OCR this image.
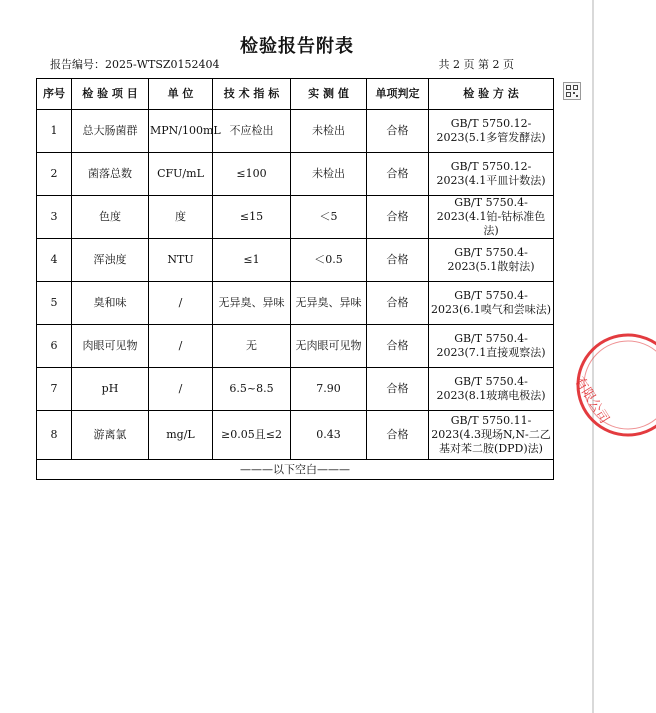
检验报告附表
报告编号：2025-WTSZ0152404	共 2 页 第 2 页
序号	检 验 项 目	单 位	技 术 指 标	实 测 值	单项判定	检 验 方 法
1	总大肠菌群	MPN/100mL	不应检出	未检出	合格	GB/T 5750.12-2023(5.1多管发酵法)
2	菌落总数	CFU/mL	≤100	未检出	合格	GB/T 5750.12-2023(4.1平皿计数法)
3	色度	度	≤15	＜5	合格	GB/T 5750.4-2023(4.1铂-钴标准色法)
4	浑浊度	NTU	≤1	＜0.5	合格	GB/T 5750.4-2023(5.1散射法)
5	臭和味	/	无异臭、异味	无异臭、异味	合格	GB/T 5750.4-2023(6.1嗅气和尝味法)
6	肉眼可见物	/	无	无肉眼可见物	合格	GB/T 5750.4-2023(7.1直接观察法)
7	pH	/	6.5~8.5	7.90	合格	GB/T 5750.4-2023(8.1玻璃电极法)
8	游离氯	mg/L	≥0.05且≤2	0.43	合格	GB/T 5750.11-2023(4.3现场N,N-二乙基对苯二胺(DPD)法)
———以下空白———						
有限公司
